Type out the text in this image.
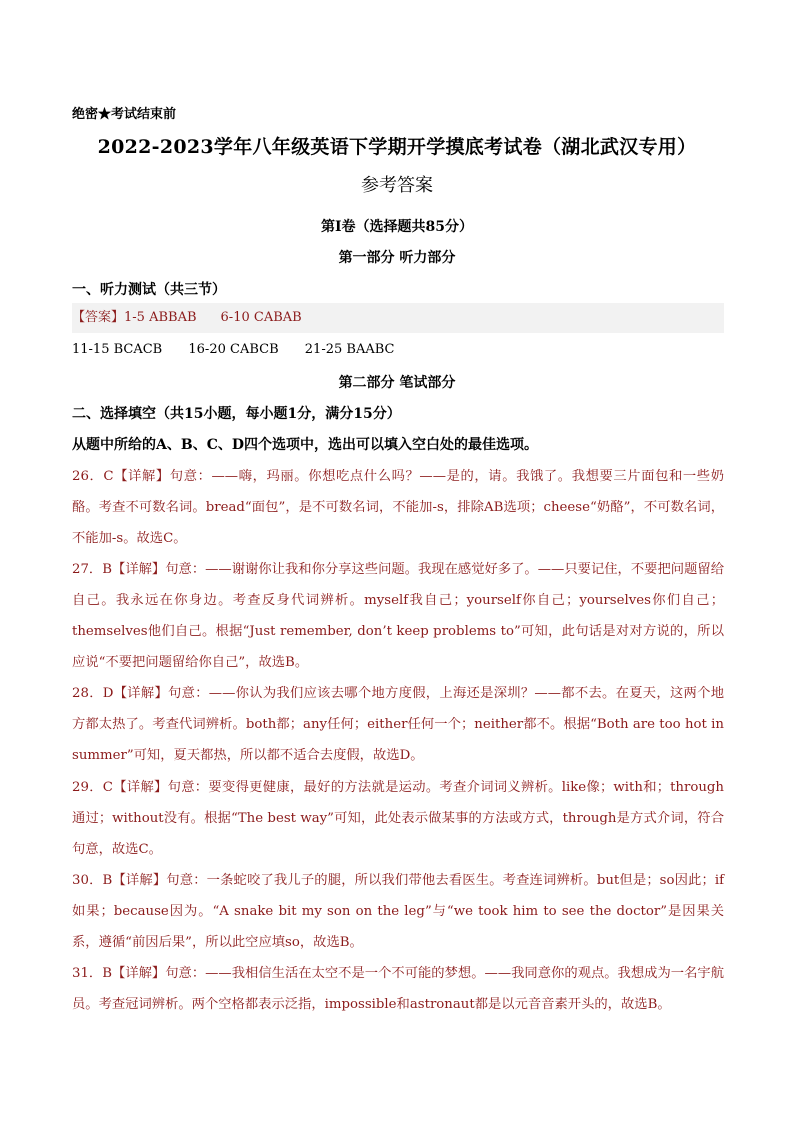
绝密★考试结束前
2022-2023学年八年级英语下学期开学摸底考试卷（湖北武汉专用）
参考答案
第Ⅰ卷（选择题共85分）
第一部分 听力部分
一、听力测试（共三节）
【答案】1-5 ABBAB 6-10 CABAB
11-15 BCACB 16-20 CABCB 21-25 BAABC
第二部分 笔试部分
二、选择填空（共15小题，每小题1分，满分15分）
从题中所给的A、B、C、D四个选项中，选出可以填入空白处的最佳选项。
26．C【详解】句意：——嗨，玛丽。你想吃点什么吗？——是的，请。我饿了。我想要三片面包和一些奶酪。考查不可数名词。bread“面包”，是不可数名词，不能加-s，排除AB选项；cheese“奶酪”，不可数名词，不能加-s。故选C。
27．B【详解】句意：——谢谢你让我和你分享这些问题。我现在感觉好多了。——只要记住，不要把问题留给自己。我永远在你身边。考查反身代词辨析。myself我自己；yourself你自己；yourselves你们自己；themselves他们自己。根据“Just remember, don’t keep problems to”可知，此句话是对对方说的，所以应说“不要把问题留给你自己”，故选B。
28．D【详解】句意：——你认为我们应该去哪个地方度假，上海还是深圳？——都不去。在夏天，这两个地方都太热了。考查代词辨析。both都；any任何；either任何一个；neither都不。根据“Both are too hot in summer”可知，夏天都热，所以都不适合去度假，故选D。
29．C【详解】句意：要变得更健康，最好的方法就是运动。考查介词词义辨析。like像；with和；through通过；without没有。根据“The best way”可知，此处表示做某事的方法或方式，through是方式介词，符合句意，故选C。
30．B【详解】句意：一条蛇咬了我儿子的腿，所以我们带他去看医生。考查连词辨析。but但是；so因此；if如果；because因为。“A snake bit my son on the leg”与“we took him to see the doctor”是因果关系，遵循“前因后果”，所以此空应填so，故选B。
31．B【详解】句意：——我相信生活在太空不是一个不可能的梦想。——我同意你的观点。我想成为一名宇航员。考查冠词辨析。两个空格都表示泛指，impossible和astronaut都是以元音音素开头的，故选B。
